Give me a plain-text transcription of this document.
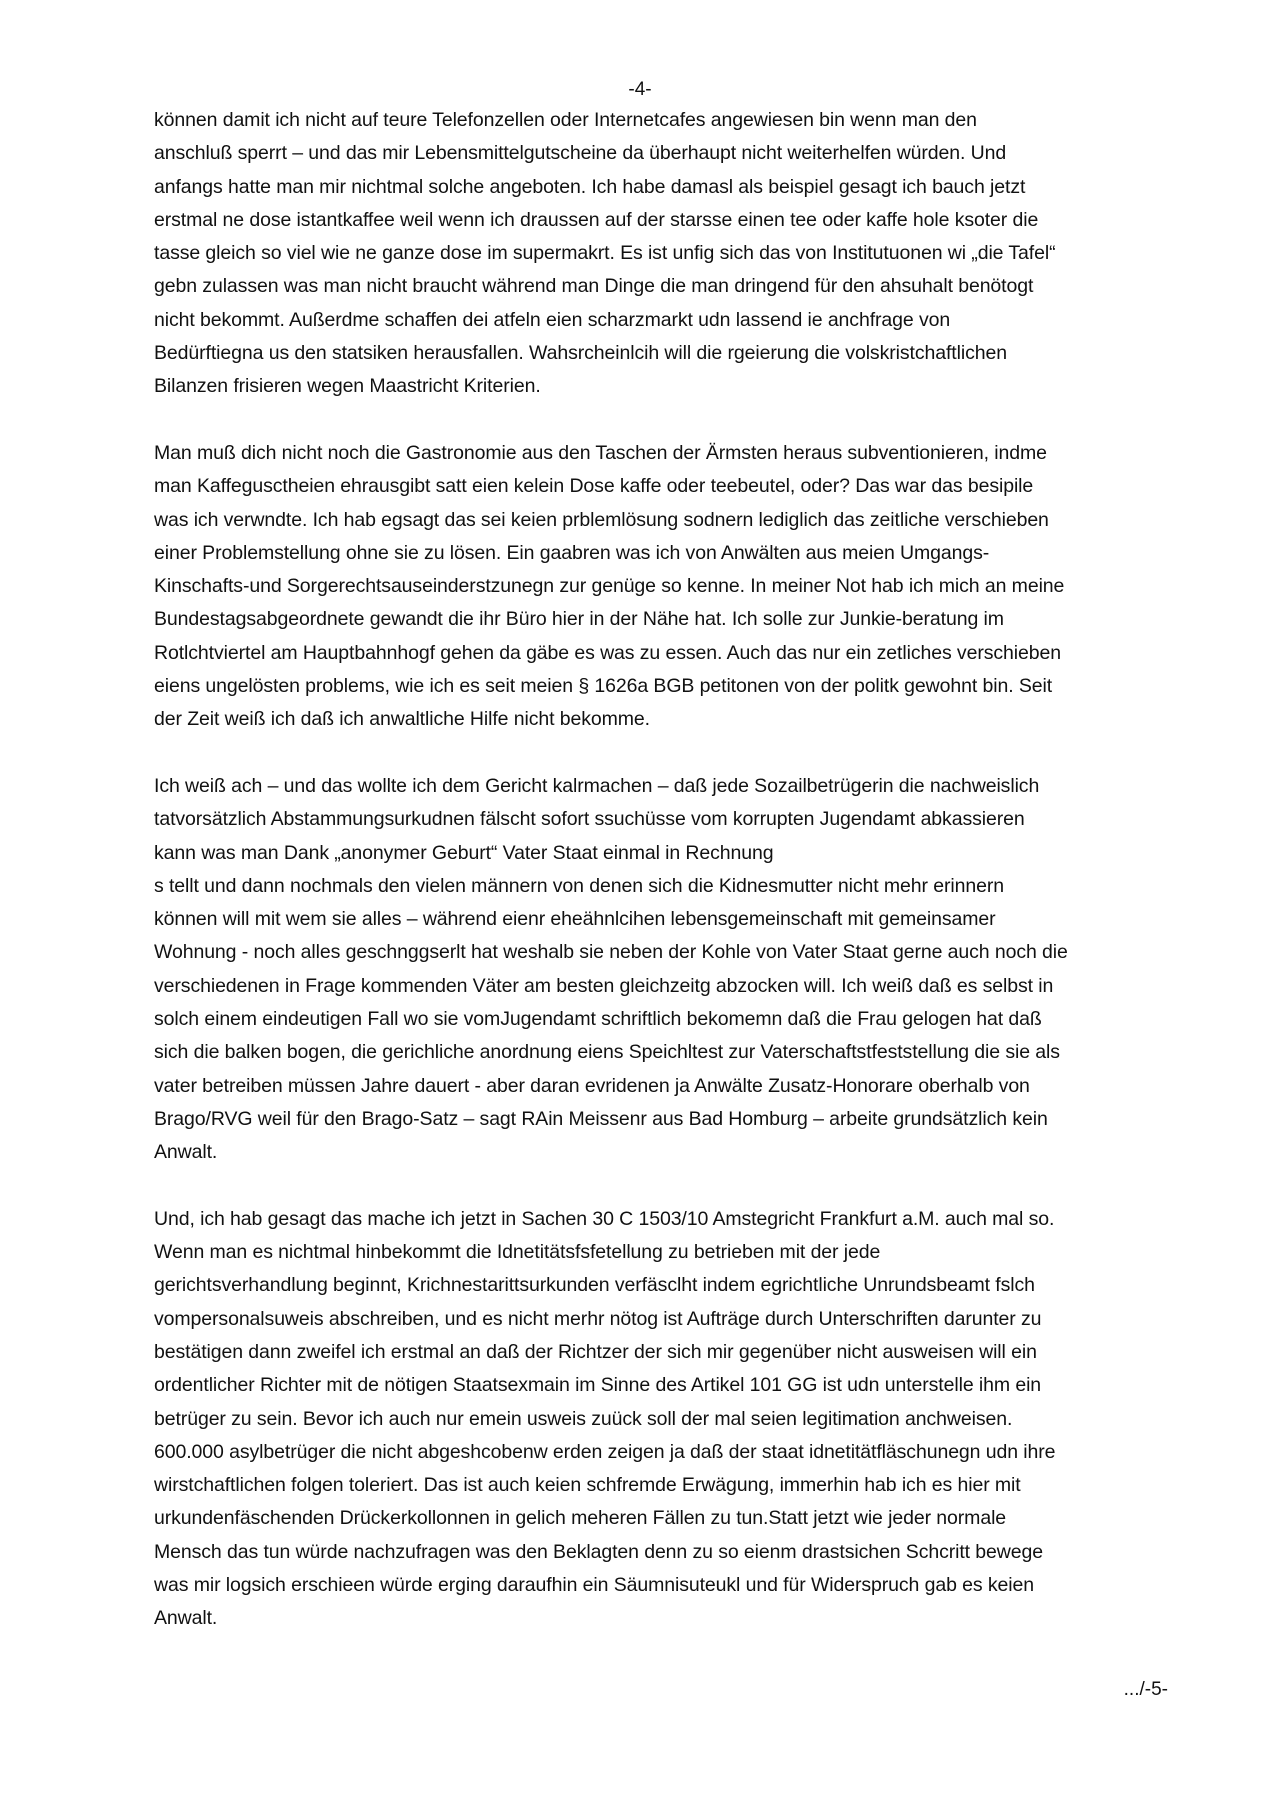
-4-

können damit ich nicht auf teure Telefonzellen oder Internetcafes angewiesen bin wenn man den
anschluß sperrt – und das mir Lebensmittelgutscheine da überhaupt nicht weiterhelfen würden. Und
anfangs hatte man mir nichtmal solche angeboten. Ich habe damasl als beispiel gesagt ich bauch jetzt
erstmal ne dose istantkaffee weil wenn ich draussen auf der starsse einen tee oder kaffe hole ksoter die
tasse gleich so viel wie ne ganze dose im supermakrt. Es ist unfig sich das von Institutuonen wi „die Tafel“
gebn zulassen was man nicht braucht während man Dinge die man dringend für den ahsuhalt benötogt
nicht bekommt. Außerdme schaffen dei atfeln eien scharzmarkt udn lassend ie anchfrage von
Bedürftiegna us den statsiken herausfallen. Wahsrcheinlcih will die rgeierung die volskristchaftlichen
Bilanzen frisieren wegen Maastricht Kriterien.

Man muß dich nicht noch die Gastronomie aus den Taschen der Ärmsten heraus subventionieren, indme
man Kaffegusctheien ehrausgibt satt eien kelein Dose kaffe oder teebeutel, oder? Das war das besipile
was ich verwndte. Ich hab egsagt das sei keien prblemlösung sodnern lediglich das zeitliche verschieben
einer Problemstellung ohne sie zu lösen. Ein gaabren was ich von Anwälten aus meien Umgangs-
Kinschafts-und Sorgerechtsauseinderstzunegn zur genüge so kenne. In meiner Not hab ich mich an meine
Bundestagsabgeordnete gewandt die ihr Büro hier in der Nähe hat. Ich solle zur Junkie-beratung im
Rotlchtviertel am Hauptbahnhogf gehen da gäbe es was zu essen. Auch das nur ein zetliches verschieben
eiens ungelösten problems, wie ich es seit meien § 1626a BGB petitonen von der politk gewohnt bin. Seit
der Zeit weiß ich daß ich anwaltliche Hilfe nicht bekomme.

Ich weiß ach – und das wollte ich dem Gericht kalrmachen – daß jede Sozailbetrügerin die nachweislich
tatvorsätzlich Abstammungsurkudnen fälscht sofort ssuchüsse vom korrupten Jugendamt abkassieren
kann was man Dank „anonymer Geburt“ Vater Staat einmal in Rechnung
s tellt und dann nochmals den vielen männern von denen sich die Kidnesmutter nicht mehr erinnern
können will mit wem sie alles – während eienr eheähnlcihen lebensgemeinschaft mit gemeinsamer
Wohnung - noch alles geschnggserlt hat weshalb sie neben der Kohle von Vater Staat gerne auch noch die
verschiedenen in Frage kommenden Väter am besten gleichzeitg abzocken will. Ich weiß daß es selbst in
solch einem eindeutigen Fall wo sie vomJugendamt schriftlich bekomemn daß die Frau gelogen hat daß
sich die balken bogen, die gerichliche anordnung eiens Speichltest zur Vaterschaftstfeststellung die sie als
vater betreiben müssen Jahre dauert - aber daran evridenen ja Anwälte Zusatz-Honorare oberhalb von
Brago/RVG weil für den Brago-Satz – sagt RAin Meissenr aus Bad Homburg – arbeite grundsätzlich kein
Anwalt.

Und, ich hab gesagt das mache ich jetzt in Sachen 30 C 1503/10 Amstegricht Frankfurt a.M. auch mal so.
Wenn man es nichtmal hinbekommt die Idnetitätsfsfetellung zu betrieben mit der jede
gerichtsverhandlung beginnt, Krichnestarittsurkunden verfäsclht indem egrichtliche Unrundsbeamt fslch
vompersonalsuweis abschreiben, und es nicht merhr nötog ist Aufträge durch Unterschriften darunter zu
bestätigen dann zweifel ich erstmal an daß der Richtzer der sich mir gegenüber nicht ausweisen will ein
ordentlicher Richter mit de nötigen Staatsexmain im Sinne des Artikel 101 GG ist udn unterstelle ihm ein
betrüger zu sein. Bevor ich auch nur emein usweis zuück soll der mal seien legitimation anchweisen.
600.000 asylbetrüger die nicht abgeshcobenw erden zeigen ja daß der staat idnetitätfläschunegn udn ihre
wirstchaftlichen folgen toleriert. Das ist auch keien schfremde Erwägung, immerhin hab ich es hier mit
urkundenfäschenden Drückerkollonnen in gelich meheren Fällen zu tun.Statt jetzt wie jeder normale
Mensch das tun würde nachzufragen was den Beklagten denn zu so eienm drastsichen Schcritt bewege
was mir logsich erschieen würde erging daraufhin ein Säumnisuteukl und für Widerspruch gab es keien
Anwalt.

.../-5-
